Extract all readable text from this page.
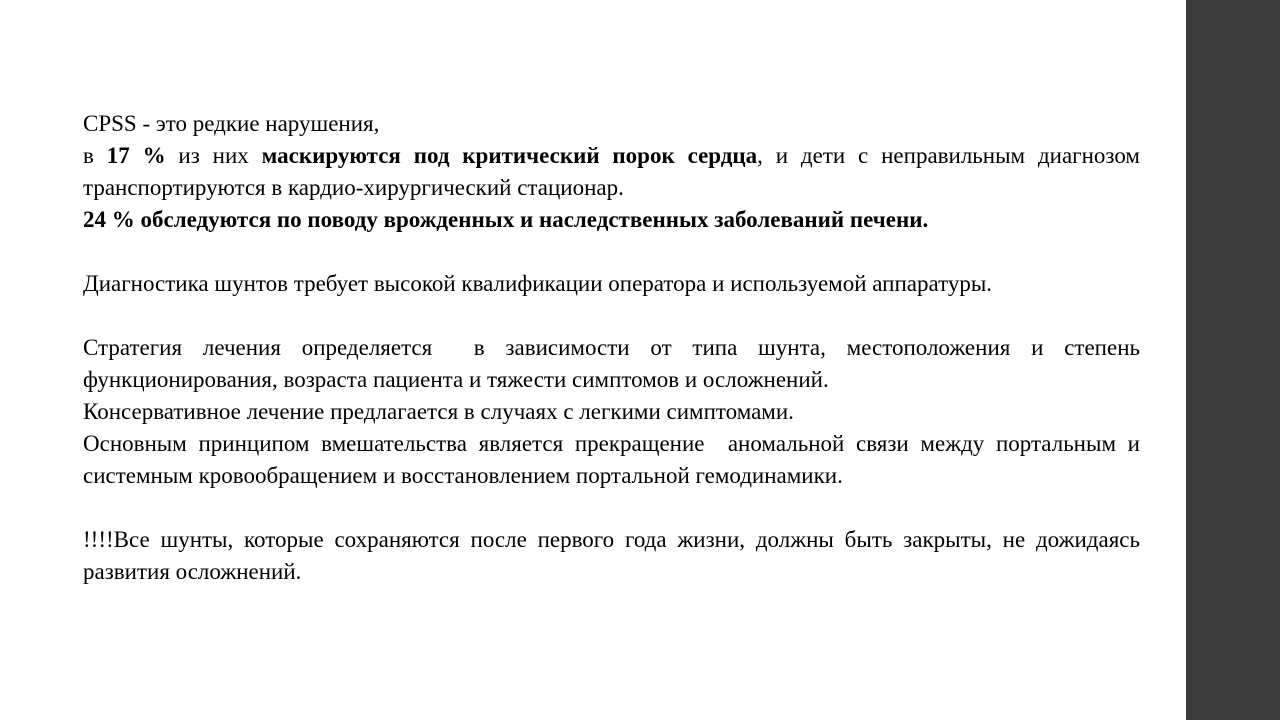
CPSS - это редкие нарушения,

в 17 % из них маскируются под критический порок сердца, и дети с неправильным диагнозом транспортируются в кардио-хирургический стационар.

24 % обследуются по поводу врожденных и наследственных заболеваний печени.

Диагностика шунтов требует высокой квалификации оператора и используемой аппаратуры.

Стратегия лечения определяется  в зависимости от типа шунта, местоположения и степень функционирования, возраста пациента и тяжести симптомов и осложнений.

Консервативное лечение предлагается в случаях с легкими симптомами.

Основным принципом вмешательства является прекращение  аномальной связи между портальным и системным кровообращением и восстановлением портальной гемодинамики.

!!!!Все шунты, которые сохраняются после первого года жизни, должны быть закрыты, не дожидаясь развития осложнений.
